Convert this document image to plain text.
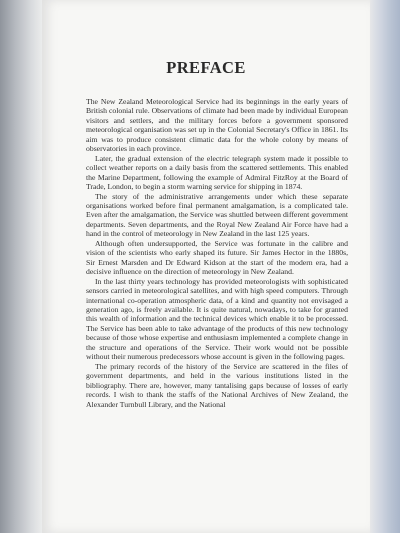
PREFACE

The New Zealand Meteorological Service had its beginnings in the early years of British colonial rule. Observations of climate had been made by individual European visitors and settlers, and the military forces before a government sponsored meteorological organisation was set up in the Colonial Secretary's Office in 1861. Its aim was to produce consistent climatic data for the whole colony by means of observatories in each province.

Later, the gradual extension of the electric telegraph system made it possible to collect weather reports on a daily basis from the scattered settlements. This enabled the Marine Department, following the example of Admiral FitzRoy at the Board of Trade, London, to begin a storm warning service for shipping in 1874.

The story of the administrative arrangements under which these separate organisations worked before final permanent amalgamation, is a complicated tale. Even after the amalgamation, the Service was shuttled between different government departments. Seven departments, and the Royal New Zealand Air Force have had a hand in the control of meteorology in New Zealand in the last 125 years.

Although often undersupported, the Service was fortunate in the calibre and vision of the scientists who early shaped its future. Sir James Hector in the 1880s, Sir Ernest Marsden and Dr Edward Kidson at the start of the modern era, had a decisive influence on the direction of meteorology in New Zealand.

In the last thirty years technology has provided meteorologists with sophisticated sensors carried in meteorological satellites, and with high speed computers. Through international co-operation atmospheric data, of a kind and quantity not envisaged a generation ago, is freely available. It is quite natural, nowadays, to take for granted this wealth of information and the technical devices which enable it to be processed. The Service has been able to take advantage of the products of this new technology because of those whose expertise and enthusiasm implemented a complete change in the structure and operations of the Service. Their work would not be possible without their numerous predecessors whose account is given in the following pages.

The primary records of the history of the Service are scattered in the files of government departments, and held in the various institutions listed in the bibliography. There are, however, many tantalising gaps because of losses of early records. I wish to thank the staffs of the National Archives of New Zealand, the Alexander Turnbull Library, and the National
